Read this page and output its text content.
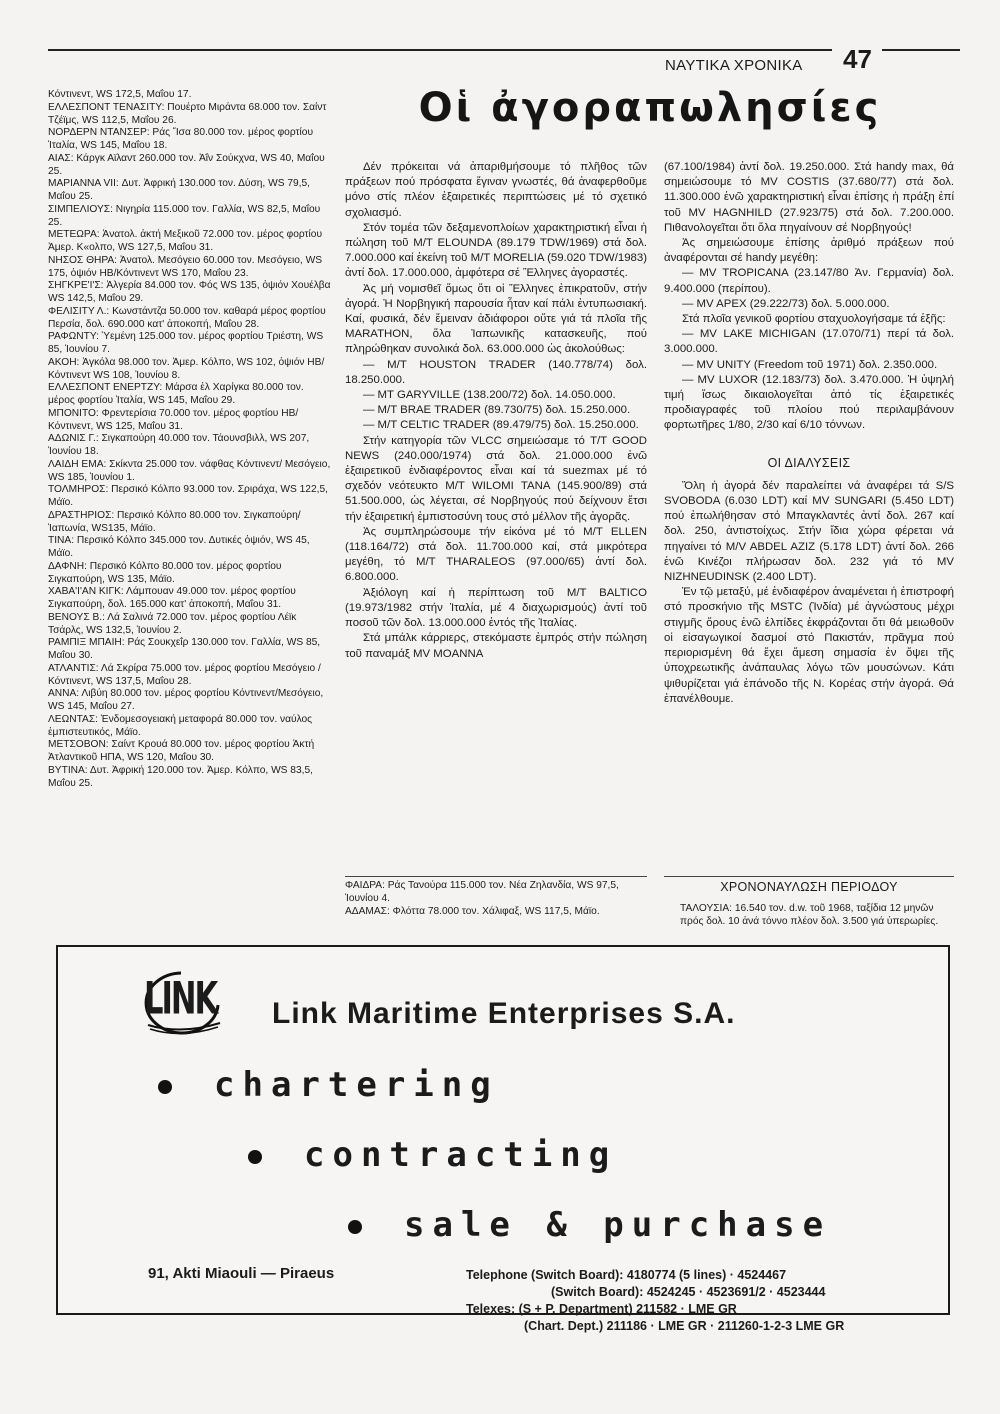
ΝΑΥΤΙΚΑ ΧΡΟΝΙΚΑ 47
Οἱ ἀγοραπωλησίες

Κόντινεντ, WS 172,5, Μαΐου 17.

ΕΛΛΕΣΠΟΝΤ ΤΕΝΑΣΙΤΥ: Πουέρτο Μιράντα 68.000 τον. Σαίντ Τζέϊμς, WS 112,5, Μαΐου 26.

ΝΟΡΔΕΡΝ ΝΤΑΝΣΕΡ: Ράς Ἴσα 80.000 τον. μέρος φορτίου Ἰταλία, WS 145, Μαΐου 18.

ΑΙΑΣ: Κάργκ Αϊλαντ 260.000 τον. Ἀΐν Σούκχνα, WS 40, Μαΐου 25.

ΜΑΡΙΑΝΝΑ VII: Δυτ. Ἀφρική 130.000 τον. Δύση, WS 79,5, Μαΐου 25.

ΣΙΜΠΕΛΙΟΥΣ: Νιγηρία 115.000 τον. Γαλλία, WS 82,5, Μαΐου 25.

ΜΕΤΕΩΡΑ: Ἀνατολ. ἀκτή Μεξικοῦ 72.000 τον. μέρος φορτίου Ἀμερ. Κ«ολπο, WS 127,5, Μαΐου 31.

ΝΗΣΟΣ ΘΗΡΑ: Ἀνατολ. Μεσόγειο 60.000 τον. Μεσόγειο, WS 175, ὀψιόν ΗΒ/Κόντινεντ WS 170, Μαΐου 23.

ΣΗΓΚΡΕ'Ι'Σ: Ἀλγερία 84.000 τον. Φός WS 135, ὀψιόν Χουέλβα WS 142,5, Μαΐου 29.

ΦΕΛΙΣΙΤΥ Λ.: Κωνστάντζα 50.000 τον. καθαρά μέρος φορτίου Περσία, δολ. 690.000 κατ' ἀποκοπή, Μαΐου 28.

ΡΑΦΩΝΤΥ: Ὑεμένη 125.000 τον. μέρος φορτίου Τριέστη, WS 85, Ἰουνίου 7.

ΑΚΟΗ: Ἀγκόλα 98.000 τον. Ἀμερ. Κόλπο, WS 102, ὀψιόν ΗΒ/Κόντινεντ WS 108, Ἰουνίου 8.

ΕΛΛΕΣΠΟΝΤ ΕΝΕΡΤΖΥ: Μάρσα ἐλ Χαρίγκα 80.000 τον. μέρος φορτίου Ἰταλία, WS 145, Μαΐου 29.

ΜΠΟΝΙΤΟ: Φρεντερίσια 70.000 τον. μέρος φορτίου ΗΒ/Κόντινεντ, WS 125, Μαΐου 31.

ΑΔΩΝΙΣ Γ.: Σιγκαπούρη 40.000 τον. Τάουνσβιλλ, WS 207, Ἰουνίου 18.

ΛΑΙΔΗ ΕΜΑ: Σκίκντα 25.000 τον. νάφθας Κόντινεντ/ Μεσόγειο, WS 185, Ἰουνίου 1.

ΤΟΛΜΗΡΟΣ: Περσικό Κόλπο 93.000 τον. Σριράχα, WS 122,5, Μάϊο.

ΔΡΑΣΤΗΡΙΟΣ: Περσικό Κόλπο 80.000 τον. Σιγκαπούρη/Ἰαπωνία, WS135, Μάϊο.

ΤΙΝΑ: Περσικό Κόλπο 345.000 τον. Δυτικές ὀψιόν, WS 45, Μάϊο.

ΔΑΦΝΗ: Περσικό Κόλπο 80.000 τον. μέρος φορτίου Σιγκαπούρη, WS 135, Μάϊο.

ΧΑΒΑ'Ι'ΑΝ ΚΙΓΚ: Λάμπουαν 49.000 τον. μέρος φορτίου Σιγκαπούρη, δολ. 165.000 κατ' ἀποκοπή, Μαΐου 31.

ΒΕΝΟΥΣ Β.: Λά Σαλινά 72.000 τον. μέρος φορτίου Λέϊκ Τσάρλς, WS 132,5, Ἰουνίου 2.

ΡΑΜΠΙΞ ΜΠΑΙΗ: Ράς Σουκχεΐρ 130.000 τον. Γαλλία, WS 85, Μαΐου 30.

ΑΤΛΑΝΤΙΣ: Λά Σκρίρα 75.000 τον. μέρος φορτίου Μεσόγειο / Κόντινεντ, WS 137,5, Μαΐου 28.

ΑΝΝΑ: Λιβύη 80.000 τον. μέρος φορτίου Κόντινεντ/Μεσόγειο, WS 145, Μαΐου 27.

ΛΕΩΝΤΑΣ: Ἐνδομεσογειακή μεταφορά 80.000 τον. ναύλος ἐμπιστευτικός, Μάϊο.

ΜΕΤΣΟΒΟΝ: Σαίντ Κρουά 80.000 τον. μέρος φορτίου Ἀκτή Ἀτλαντικοῦ ΗΠΑ, WS 120, Μαΐου 30.

ΒΥΤΙΝΑ: Δυτ. Ἀφρική 120.000 τον. Ἀμερ. Κόλπο, WS 83,5, Μαΐου 25.

Δέν πρόκειται νά ἀπαριθμήσουμε τό πλῆθος τῶν πράξεων πού πρόσφατα ἔγιναν γνωστές, θά ἀναφερθοῦμε μόνο στίς πλέον ἐξαιρετικές περιπτώσεις μέ τό σχετικό σχολιασμό.

Στόν τομέα τῶν δεξαμενοπλοίων χαρακτηριστική εἶναι ἡ πώληση τοῦ M/T ELOUNDA (89.179 TDW/1969) στά δολ. 7.000.000 καί ἐκείνη τοῦ M/T MORELIA (59.020 TDW/1983) ἀντί δολ. 17.000.000, ἀμφότερα σέ Ἕλληνες ἀγοραστές.

Ἀς μή νομισθεῖ ὅμως ὅτι οἱ Ἕλληνες ἐπικρατοῦν, στήν ἀγορά. Ἡ Νορβηγική παρουσία ἦταν καί πάλι ἐντυπωσιακή. Καί, φυσικά, δέν ἔμειναν ἀδιάφοροι οὔτε γιά τά πλοῖα τῆς MARATHON, ὅλα Ἰαπωνικῆς κατασκευῆς, πού πληρώθηκαν συνολικά δολ. 63.000.000 ὡς ἀκολούθως:

— M/T HOUSTON TRADER (140.778/74) δολ. 18.250.000.

— MT GARYVILLE (138.200/72) δολ. 14.050.000.

— M/T BRAE TRADER (89.730/75) δολ. 15.250.000.

— M/T CELTIC TRADER (89.479/75) δολ. 15.250.000.

Στήν κατηγορία τῶν VLCC σημειώσαμε τό T/T GOOD NEWS (240.000/1974) στά δολ. 21.000.000 ἐνῶ ἐξαιρετικοῦ ἐνδιαφέροντος εἶναι καί τά suezmax μέ τό σχεδόν νεότευκτο M/T WILOMI TANA (145.900/89) στά 51.500.000, ὡς λέγεται, σέ Νορβηγούς πού δείχνουν ἔτσι τήν ἐξαιρετική ἐμπιστοσύνη τους στό μέλλον τῆς ἀγορᾶς.

Ἀς συμπληρώσουμε τήν εἰκόνα μέ τό M/T ELLEN (118.164/72) στά δολ. 11.700.000 καί, στά μικρότερα μεγέθη, τό M/T THARALEOS (97.000/65) ἀντί δολ. 6.800.000.

Ἀξιόλογη καί ἡ περίπτωση τοῦ M/T BALTICO (19.973/1982 στήν Ἰταλία, μέ 4 διαχωρισμούς) ἀντί τοῦ ποσοῦ τῶν δολ. 13.000.000 ἐντός τῆς Ἰταλίας.

Στά μπάλκ κάρριερς, στεκόμαστε ἐμπρός στήν πώληση τοῦ παναμάξ MV MOANNA

ΦΑΙΔΡΑ: Ράς Τανούρα 115.000 τον. Νέα Ζηλανδία, WS 97,5, Ἰουνίου 4.

ΑΔΑΜΑΣ: Φλόττα 78.000 τον. Χάλιφαξ, WS 117,5, Μάϊο.

(67.100/1984) ἀντί δολ. 19.250.000. Στά handy max, θά σημειώσουμε τό MV COSTIS (37.680/77) στά δολ. 11.300.000 ἐνῶ χαρακτηριστική εἶναι ἐπίσης ἡ πράξη ἐπί τοῦ MV HAGNHILD (27.923/75) στά δολ. 7.200.000. Πιθανολογεῖται ὅτι ὅλα πηγαίνουν σέ Νορβηγούς!

Ἀς σημειώσουμε ἐπίσης ἀριθμό πράξεων πού ἀναφέρονται σέ handy μεγέθη:

— MV TROPICANA (23.147/80 Ἀν. Γερμανία) δολ. 9.400.000 (περίπου).

— MV APEX (29.222/73) δολ. 5.000.000.

Στά πλοῖα γενικοῦ φορτίου σταχυολογήσαμε τά ἑξῆς:

— MV LAKE MICHIGAN (17.070/71) περί τά δολ. 3.000.000.

— MV UNITY (Freedom τοῦ 1971) δολ. 2.350.000.

— MV LUXOR (12.183/73) δολ. 3.470.000. Ἡ ὑψηλή τιμή ἴσως δικαιολογεῖται ἀπό τίς ἐξαιρετικές προδιαγραφές τοῦ πλοίου πού περιλαμβάνουν φορτωτῆρες 1/80, 2/30 καί 6/10 τόννων.

ΟΙ ΔΙΑΛΥΣΕΙΣ

Ὅλη ἡ ἀγορά δέν παραλείπει νά ἀναφέρει τά S/S SVOBODA (6.030 LDT) καί MV SUNGARI (5.450 LDT) πού ἐπωλήθησαν στό Μπαγκλαντές ἀντί δολ. 267 καί δολ. 250, ἀντιστοίχως. Στήν ἴδια χώρα φέρεται νά πηγαίνει τό M/V ABDEL AZIZ (5.178 LDT) ἀντί δολ. 266 ἐνῶ Κινέζοι πλήρωσαν δολ. 232 γιά τό MV NIZHNEUDINSK (2.400 LDT).

Ἐν τῷ μεταξύ, μέ ἐνδιαφέρον ἀναμένεται ἡ ἐπιστροφή στό προσκήνιο τῆς MSTC (Ἰνδία) μέ ἀγνώστους μέχρι στιγμῆς ὅρους ἐνῶ ἐλπίδες ἐκφράζονται ὅτι θά μειωθοῦν οἱ εἰσαγωγικοί δασμοί στό Πακιστάν, πρᾶγμα πού περιορισμένη θά ἔχει ἄμεση σημασία ἐν ὄψει τῆς ὑποχρεωτικῆς ἀνάπαυλας λόγω τῶν μουσώνων. Κάτι ψιθυρίζεται γιά ἐπάνοδο τῆς Ν. Κορέας στήν ἀγορά. Θά ἐπανέλθουμε.

ΧΡΟΝΟΝΑΥΛΩΣΗ ΠΕΡΙΟΔΟΥ
ΤΑΛΟΥΣΙΑ: 16.540 τον. d.w. τοῦ 1968, ταξίδια 12 μηνῶν πρός δολ. 10 ἀνά τόννο πλέον δολ. 3.500 γιά ὑπερωρίες.
LINK Link Maritime Enterprises S.A.
chartering
contracting
sale & purchase
91, Akti Miaouli — Piraeus	Telephone (Switch Board): 4180774 (5 lines) · 4524467
(Switch Board): 4524245 · 4523691/2 · 4523444
Telexes: (S + P. Department) 211582 · LME GR
(Chart. Dept.) 211186 · LME GR · 211260-1-2-3 LME GR
